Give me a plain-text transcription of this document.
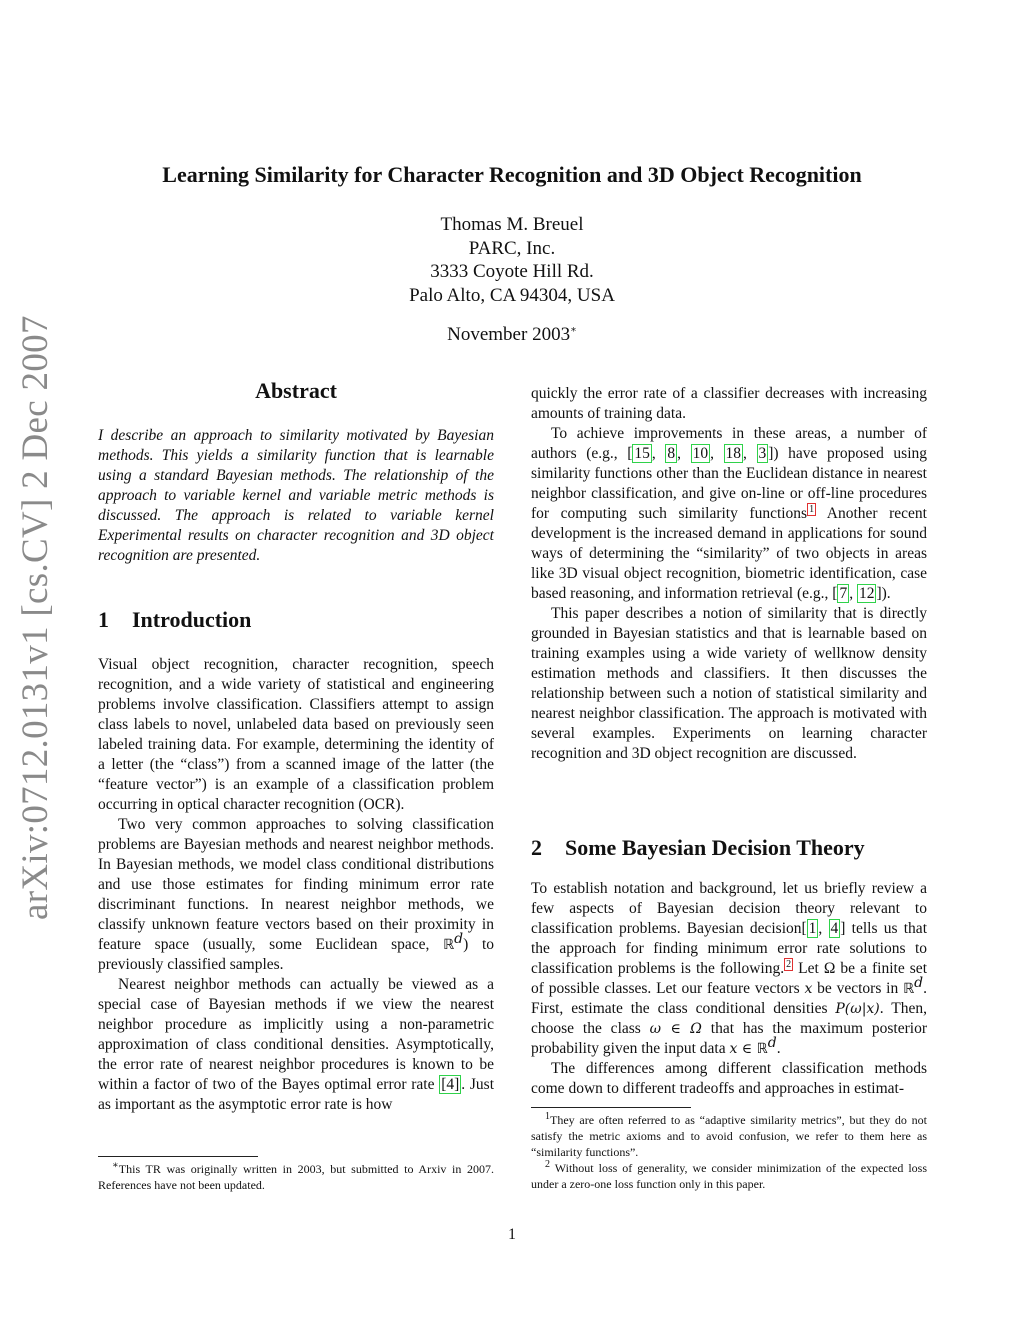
arXiv:0712.0131v1 [cs.CV] 2 Dec 2007
Learning Similarity for Character Recognition and 3D Object Recognition
Thomas M. Breuel
PARC, Inc.
3333 Coyote Hill Rd.
Palo Alto, CA 94304, USA
November 2003∗
Abstract

I describe an approach to similarity motivated by Bayesian methods. This yields a similarity function that is learnable using a standard Bayesian methods. The relationship of the approach to variable kernel and variable metric methods is discussed. The approach is related to variable kernel Experimental results on character recognition and 3D object recognition are presented.

1 Introduction

Visual object recognition, character recognition, speech recognition, and a wide variety of statistical and engineering problems involve classification. Classifiers attempt to assign class labels to novel, unlabeled data based on previously seen labeled training data. For example, determining the identity of a letter (the “class”) from a scanned image of the latter (the “feature vector”) is an example of a classification problem occurring in optical character recognition (OCR).

Two very common approaches to solving classification problems are Bayesian methods and nearest neighbor methods. In Bayesian methods, we model class conditional distributions and use those estimates for finding minimum error rate discriminant functions. In nearest neighbor methods, we classify unknown feature vectors based on their proximity in feature space (usually, some Euclidean space, ℝd) to previously classified samples.

Nearest neighbor methods can actually be viewed as a special case of Bayesian methods if we view the nearest neighbor procedure as implicitly using a non-parametric approximation of class conditional densities. Asymptotically, the error rate of nearest neighbor procedures is known to be within a factor of two of the Bayes optimal error rate [4] . Just as important as the asymptotic error rate is how

∗This TR was originally written in 2003, but submitted to Arxiv in 2007. References have not been updated.

quickly the error rate of a classifier decreases with increasing amounts of training data.

To achieve improvements in these areas, a number of authors (e.g., [ 15 , 8 , 10 , 18 , 3 ]) have proposed using similarity functions other than the Euclidean distance in nearest neighbor classification, and give on-line or off-line procedures for computing such similarity functions $^1$ Another recent development is the increased demand in applications for sound ways of determining the “similarity” of two objects in areas like 3D visual object recognition, biometric identification, case based reasoning, and information retrieval (e.g., [ 7 , 12 ]).

This paper describes a notion of similarity that is directly grounded in Bayesian statistics and that is learnable based on training examples using a wide variety of wellknow density estimation methods and classifiers. It then discusses the relationship between such a notion of statistical similarity and nearest neighbor classification. The approach is motivated with several examples. Experiments on learning character recognition and 3D object recognition are discussed.

2 Some Bayesian Decision Theory

To establish notation and background, let us briefly review a few aspects of Bayesian decision theory relevant to classification problems. Bayesian decision[ 1 , 4 ] tells us that the approach for finding minimum error rate solutions to classification problems is the following. $^2$ Let Ω be a finite set of possible classes. Let our feature vectors x be vectors in ℝd. First, estimate the class conditional densities P(ω|x). Then, choose the class ω ∈ Ω that has the maximum posterior probability given the input data x ∈ ℝd.

The differences among different classification methods come down to different tradeoffs and approaches in estimat-

$^1$They are often referred to as “adaptive similarity metrics”, but they do not satisfy the metric axioms and to avoid confusion, we refer to them here as “similarity functions”.

$^2$ Without loss of generality, we consider minimization of the expected loss under a zero-one loss function only in this paper.

1
